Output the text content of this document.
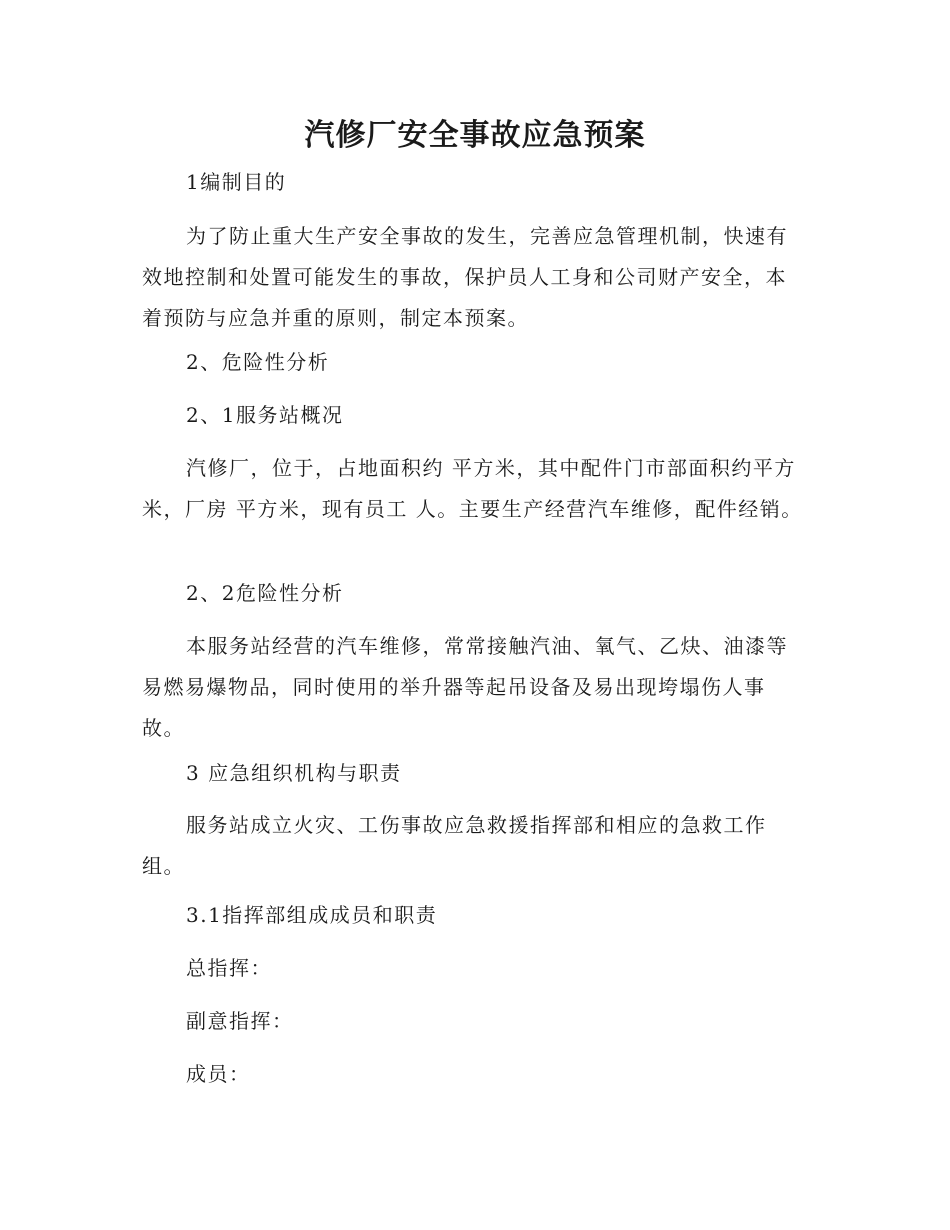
汽修厂安全事故应急预案
1编制目的

为了防止重大生产安全事故的发生，完善应急管理机制，快速有效地控制和处置可能发生的事故，保护员人工身和公司财产安全，本着预防与应急并重的原则，制定本预案。

2、危险性分析
2、1服务站概况

汽修厂，位于，占地面积约 平方米，其中配件门市部面积约平方米，厂房 平方米，现有员工 人。主要生产经营汽车维修，配件经销。

2、2危险性分析

本服务站经营的汽车维修，常常接触汽油、氧气、乙炔、油漆等易燃易爆物品，同时使用的举升器等起吊设备及易出现垮塌伤人事故。

3 应急组织机构与职责

服务站成立火灾、工伤事故应急救援指挥部和相应的急救工作组。

3.1指挥部组成成员和职责
总指挥：
副意指挥：
成员：
